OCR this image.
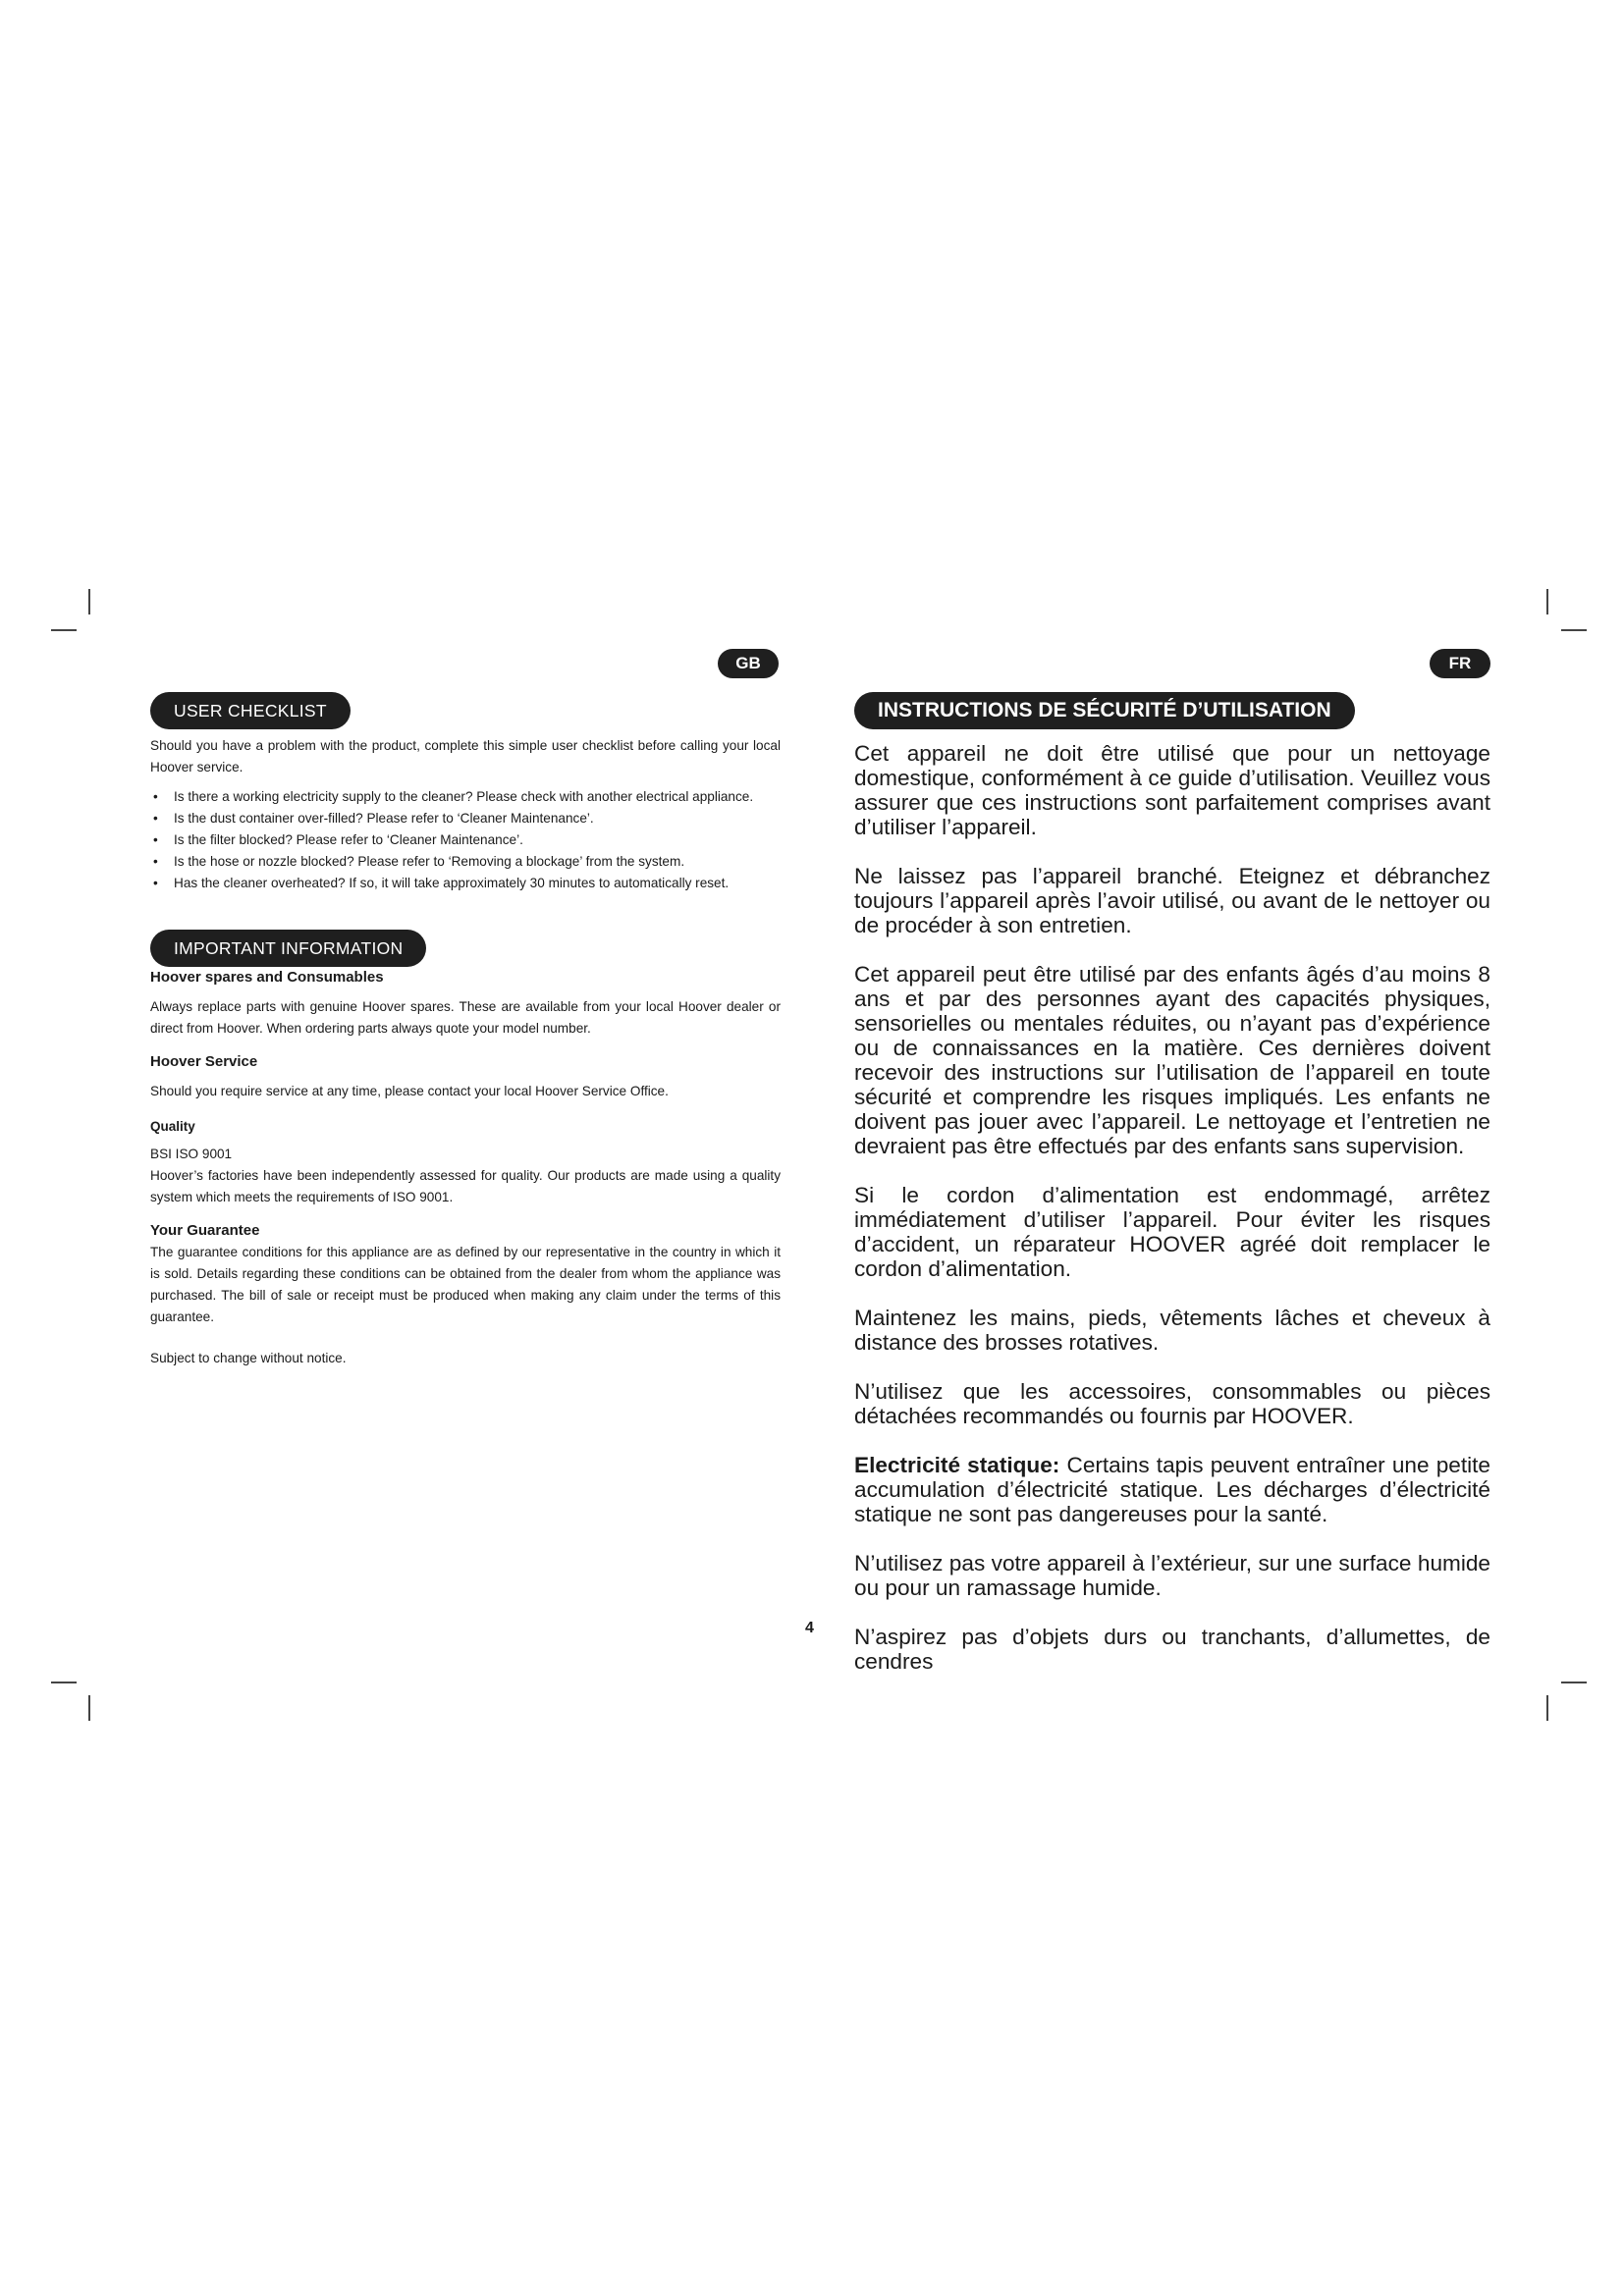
GB	FR
USER CHECKLIST

Should you have a problem with the product, complete this simple user checklist before calling your local Hoover service.

• Is there a working electricity supply to the cleaner? Please check with another electrical appliance.
• Is the dust container over-filled? Please refer to ‘Cleaner Maintenance’.
• Is the filter blocked? Please refer to ‘Cleaner Maintenance’.
• Is the hose or nozzle blocked? Please refer to ‘Removing a blockage’ from the system.
• Has the cleaner overheated? If so, it will take approximately 30 minutes to automatically reset.
IMPORTANT INFORMATION
Hoover spares and Consumables

Always replace parts with genuine Hoover spares. These are available from your local Hoover dealer or direct from Hoover. When ordering parts always quote your model number.

Hoover Service

Should you require service at any time, please contact your local Hoover Service Office.

Quality

BSI ISO 9001

Hoover’s factories have been independently assessed for quality. Our products are made using a quality system which meets the requirements of ISO 9001.

Your Guarantee

The guarantee conditions for this appliance are as defined by our representative in the country in which it is sold. Details regarding these conditions can be obtained from the dealer from whom the appliance was purchased. The bill of sale or receipt must be produced when making any claim under the terms of this guarantee.

Subject to change without notice.

INSTRUCTIONS DE SÉCURITÉ D’UTILISATION

Cet appareil ne doit être utilisé que pour un nettoyage domestique, conformément à ce guide d’utilisation. Veuillez vous assurer que ces instructions sont parfaitement comprises avant d’utiliser l’appareil.

Ne laissez pas l’appareil branché. Eteignez et débranchez toujours l’appareil après l’avoir utilisé, ou avant de le nettoyer ou de procéder à son entretien.

Cet appareil peut être utilisé par des enfants âgés d’au moins 8 ans et par des personnes ayant des capacités physiques, sensorielles ou mentales réduites, ou n’ayant pas d’expérience ou de connaissances en la matière. Ces dernières doivent recevoir des instructions sur l’utilisation de l’appareil en toute sécurité et comprendre les risques impliqués. Les enfants ne doivent pas jouer avec l’appareil. Le nettoyage et l’entretien ne devraient pas être effectués par des enfants sans supervision.

Si le cordon d’alimentation est endommagé, arrêtez immédiatement d’utiliser l’appareil. Pour éviter les risques d’accident, un réparateur HOOVER agréé doit remplacer le cordon d’alimentation.

Maintenez les mains, pieds, vêtements lâches et cheveux à distance des brosses rotatives.

N’utilisez que les accessoires, consommables ou pièces détachées recommandés ou fournis par HOOVER.

Electricité statique: Certains tapis peuvent entraîner une petite accumulation d’électricité statique. Les décharges d’électricité statique ne sont pas dangereuses pour la santé.

N’utilisez pas votre appareil à l’extérieur, sur une surface humide ou pour un ramassage humide.

N’aspirez pas d’objets durs ou tranchants, d’allumettes, de cendres

4
